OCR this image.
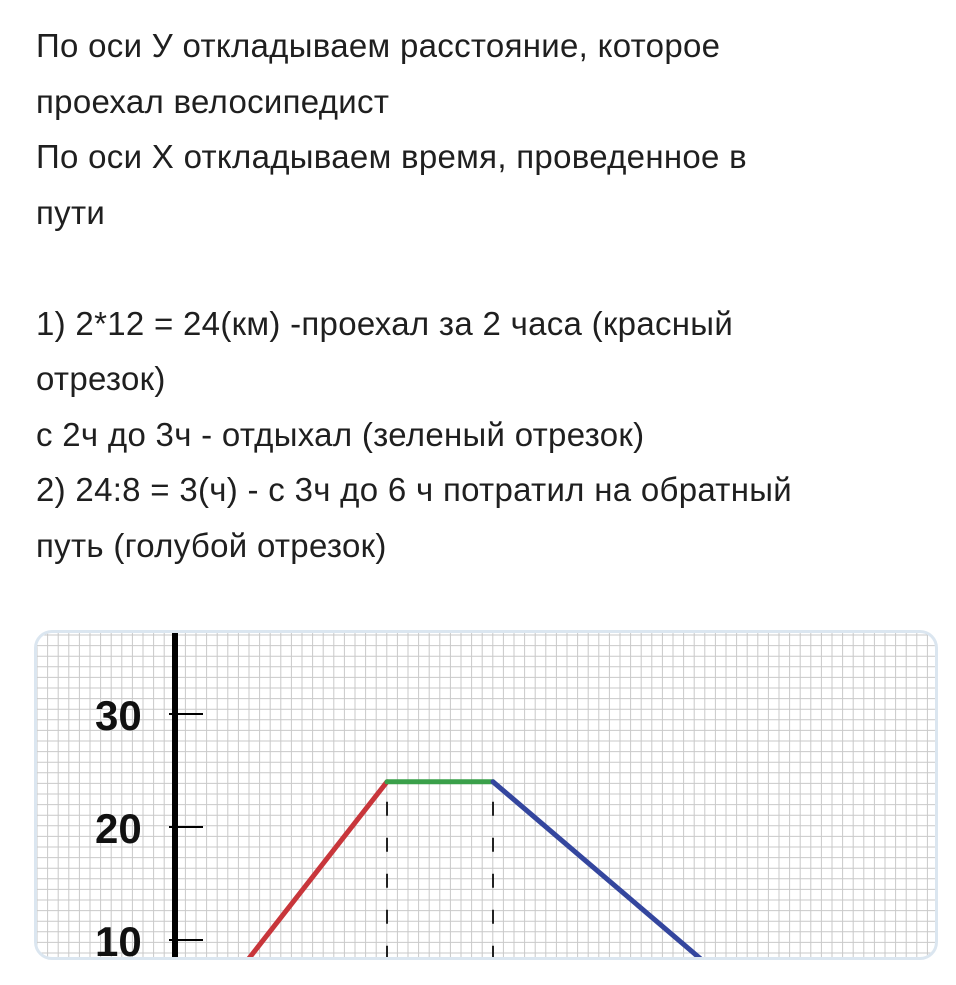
По оси У откладываем расстояние, которое

проехал велосипедист

По оси Х откладываем время, проведенное в

пути

1) 2*12 = 24(км) -проехал за 2 часа (красный

отрезок)

с 2ч до 3ч - отдыхал (зеленый отрезок)

2) 24:8 = 3(ч) - с 3ч до 6 ч потратил на обратный

путь (голубой отрезок)

30
20
10
